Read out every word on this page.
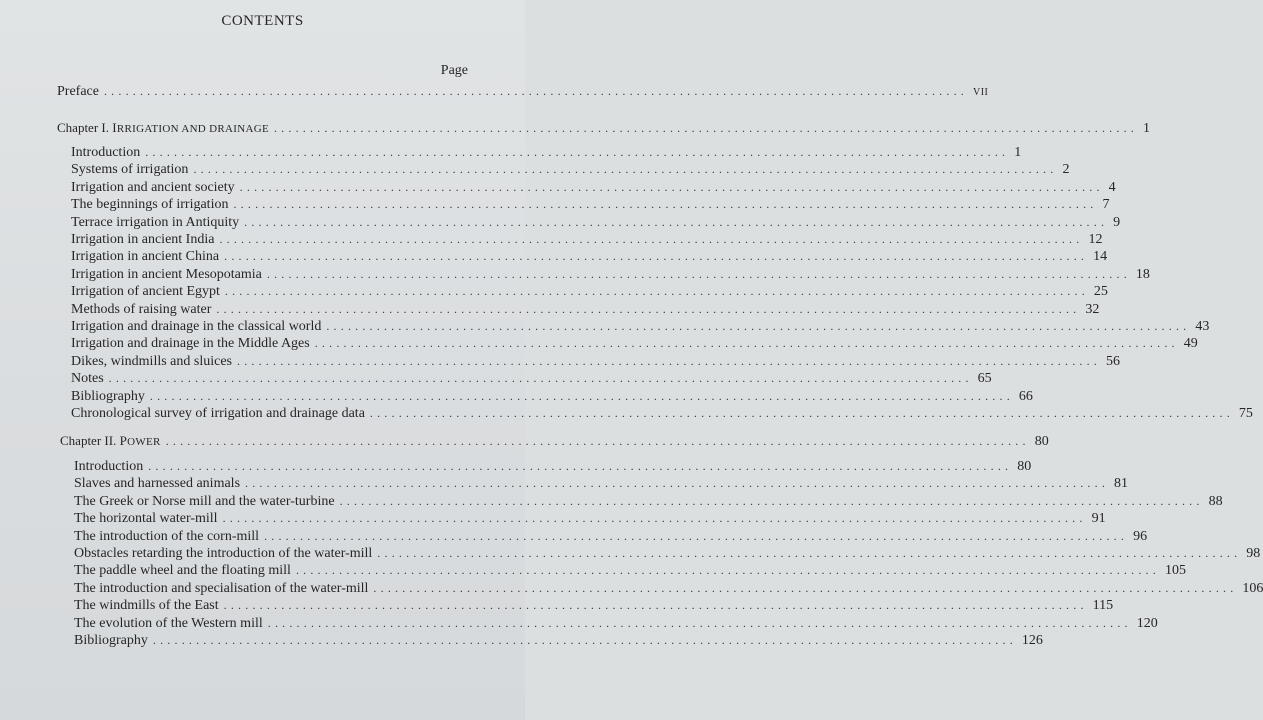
CONTENTS
Page
Preface ........................................................................................................................ VII
Chapter I. IRRIGATION AND DRAINAGE ........................................................................................................................ 1
Introduction ........................................................................................................................ 1
Systems of irrigation ........................................................................................................................ 2
Irrigation and ancient society ........................................................................................................................ 4
The beginnings of irrigation ........................................................................................................................ 7
Terrace irrigation in Antiquity ........................................................................................................................ 9
Irrigation in ancient India ........................................................................................................................ 12
Irrigation in ancient China ........................................................................................................................ 14
Irrigation in ancient Mesopotamia ........................................................................................................................ 18
Irrigation of ancient Egypt ........................................................................................................................ 25
Methods of raising water ........................................................................................................................ 32
Irrigation and drainage in the classical world ........................................................................................................................ 43
Irrigation and drainage in the Middle Ages ........................................................................................................................ 49
Dikes, windmills and sluices ........................................................................................................................ 56
Notes ........................................................................................................................ 65
Bibliography ........................................................................................................................ 66
Chronological survey of irrigation and drainage data ........................................................................................................................ 75
Chapter II. POWER ........................................................................................................................ 80
Introduction ........................................................................................................................ 80
Slaves and harnessed animals ........................................................................................................................ 81
The Greek or Norse mill and the water-turbine ........................................................................................................................ 88
The horizontal water-mill ........................................................................................................................ 91
The introduction of the corn-mill ........................................................................................................................ 96
Obstacles retarding the introduction of the water-mill ........................................................................................................................ 98
The paddle wheel and the floating mill ........................................................................................................................ 105
The introduction and specialisation of the water-mill ........................................................................................................................ 106
The windmills of the East ........................................................................................................................ 115
The evolution of the Western mill ........................................................................................................................ 120
Bibliography ........................................................................................................................ 126
